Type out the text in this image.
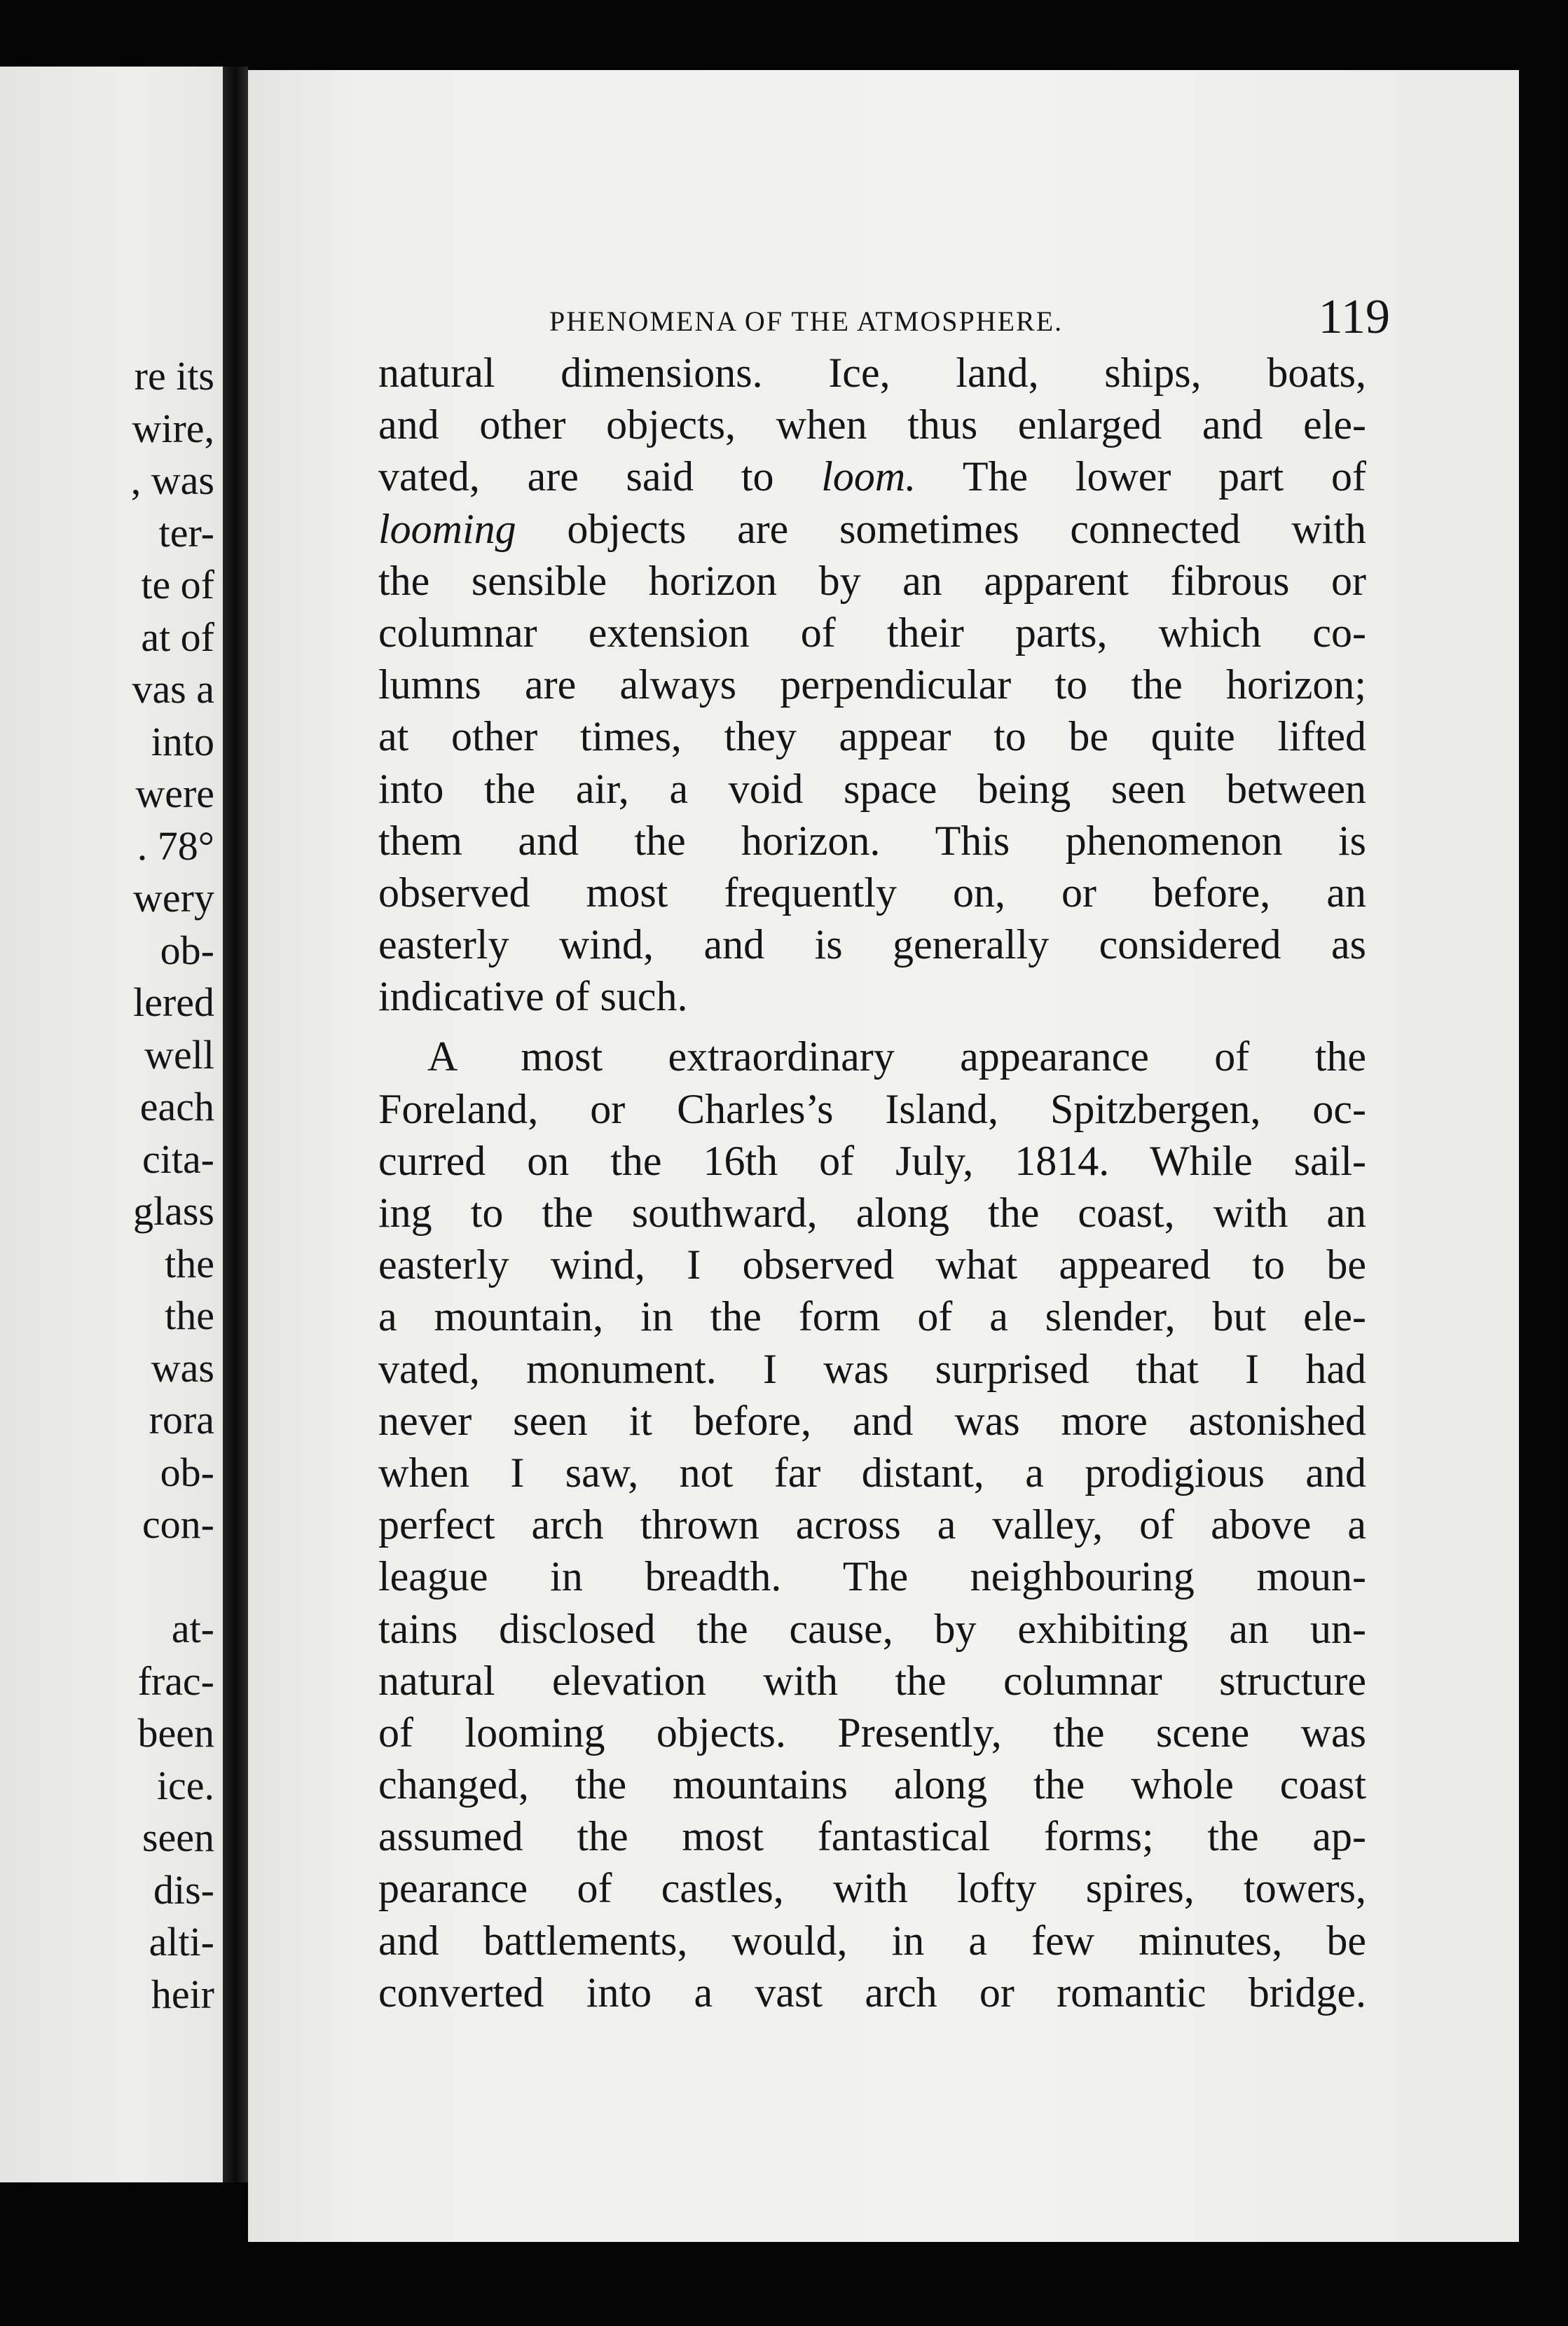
re its
wire,
, was
ter-
te of
at of
vas a
into
were
. 78°
wery
ob-
lered
well
each
cita-
glass
the
the
was
rora
ob-
con-
at-
frac-
been
ice.
seen
dis-
alti-
heir
PHENOMENA OF THE ATMOSPHERE.	119
natural dimensions. Ice, land, ships, boats,
and other objects, when thus enlarged and ele-
vated, are said to loom. The lower part of
looming objects are sometimes connected with
the sensible horizon by an apparent fibrous or
columnar extension of their parts, which co-
lumns are always perpendicular to the horizon;
at other times, they appear to be quite lifted
into the air, a void space being seen between
them and the horizon. This phenomenon is
observed most frequently on, or before, an
easterly wind, and is generally considered as
indicative of such.
A most extraordinary appearance of the
Foreland, or Charles’s Island, Spitzbergen, oc-
curred on the 16th of July, 1814. While sail-
ing to the southward, along the coast, with an
easterly wind, I observed what appeared to be
a mountain, in the form of a slender, but ele-
vated, monument. I was surprised that I had
never seen it before, and was more astonished
when I saw, not far distant, a prodigious and
perfect arch thrown across a valley, of above a
league in breadth. The neighbouring moun-
tains disclosed the cause, by exhibiting an un-
natural elevation with the columnar structure
of looming objects. Presently, the scene was
changed, the mountains along the whole coast
assumed the most fantastical forms; the ap-
pearance of castles, with lofty spires, towers,
and battlements, would, in a few minutes, be
converted into a vast arch or romantic bridge.
